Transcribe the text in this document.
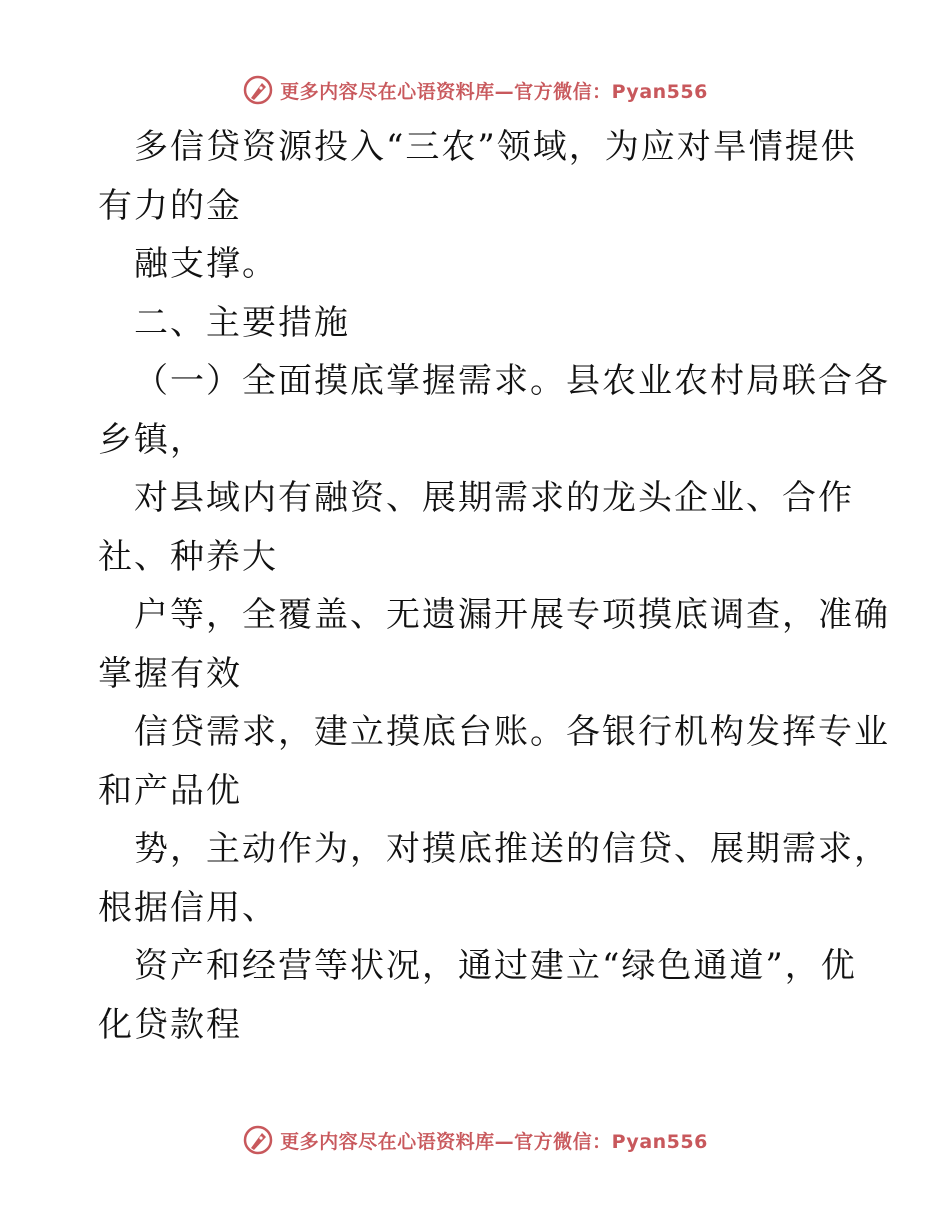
更多内容尽在心语资料库—官方微信：Pyan556
多信贷资源投入“三农”领域，为应对旱情提供
有力的金
融支撑。
二、主要措施
（一）全面摸底掌握需求。县农业农村局联合各
乡镇，
对县域内有融资、展期需求的龙头企业、合作
社、种养大
户等，全覆盖、无遗漏开展专项摸底调查，准确
掌握有效
信贷需求，建立摸底台账。各银行机构发挥专业
和产品优
势，主动作为，对摸底推送的信贷、展期需求，
根据信用、
资产和经营等状况，通过建立“绿色通道”，优
化贷款程
更多内容尽在心语资料库—官方微信：Pyan556
